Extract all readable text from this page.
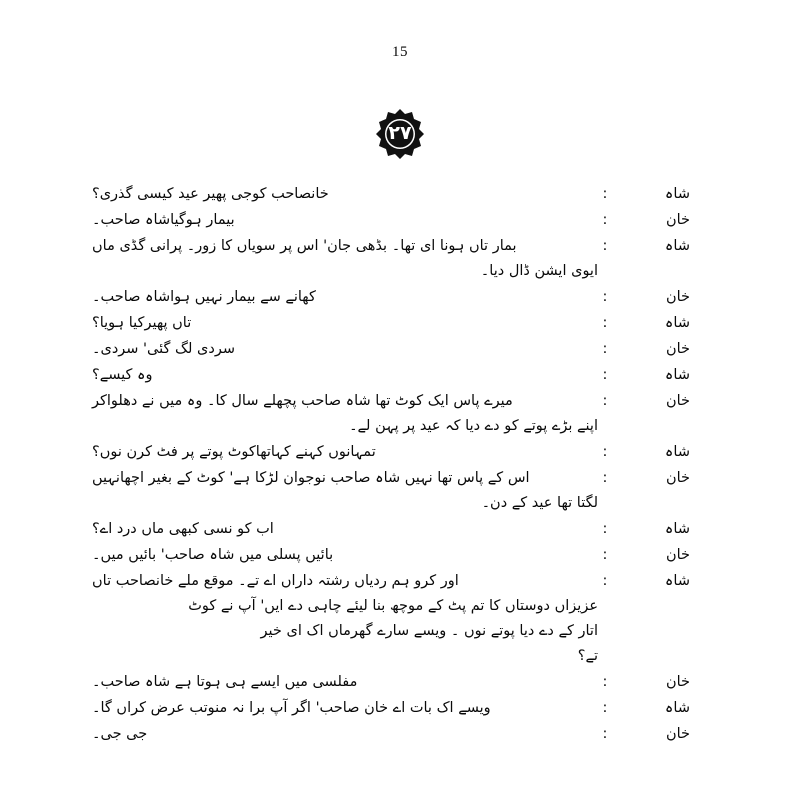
15
۲۷
شاہ
:
خانصاحب کوجی پھیر عید کیسی گذری؟
خان
:
بیمار ہوگیاشاہ صاحب۔
شاہ
:
بمار تاں ہونا ای تھا۔ بڈھی جان' اس پر سویاں کا زور۔ پرانی گڈی ماں
ایوی ایشن ڈال دیا۔
خان
:
کھانے سے بیمار نہیں ہواشاہ صاحب۔
شاہ
:
تاں پھیرکیا ہویا؟
خان
:
سردی لگ گئی' سردی۔
شاہ
:
وہ کیسے؟
خان
:
میرے پاس ایک کوٹ تھا شاہ صاحب پچھلے سال کا۔ وہ میں نے دھلواکر
اپنے بڑے پوتے کو دے دیا کہ عید پر پہن لے۔
شاہ
:
تمہانوں کہنے کہاتھاکوٹ پوتے پر فٹ کرن نوں؟
خان
:
اس کے پاس تھا نہیں شاہ صاحب نوجوان لڑکا ہے' کوٹ کے بغیر اچھانہیں
لگتا تھا عید کے دن۔
شاہ
:
اب کو نسی کبھی ماں درد اے؟
خان
:
بائیں پسلی میں شاہ صاحب' بائیں میں۔
شاہ
:
اور کرو ہم ردیاں رشتہ داراں اے تے۔ موقع ملے خانصاحب تاں
عزیزاں دوستاں کا تم پٹ کے موچھ بنا لیئے چاہی دے ایں' آپ نے کوٹ
اتار کے دے دیا پوتے نوں ۔ ویسے سارے گھرماں اک ای خیر
تے؟
خان
:
مفلسی میں ایسے ہی ہوتا ہے شاہ صاحب۔
شاہ
:
ویسے اک بات اے خان صاحب' اگر آپ برا نہ منوتب عرض کراں گا۔
خان
:
جی جی۔
